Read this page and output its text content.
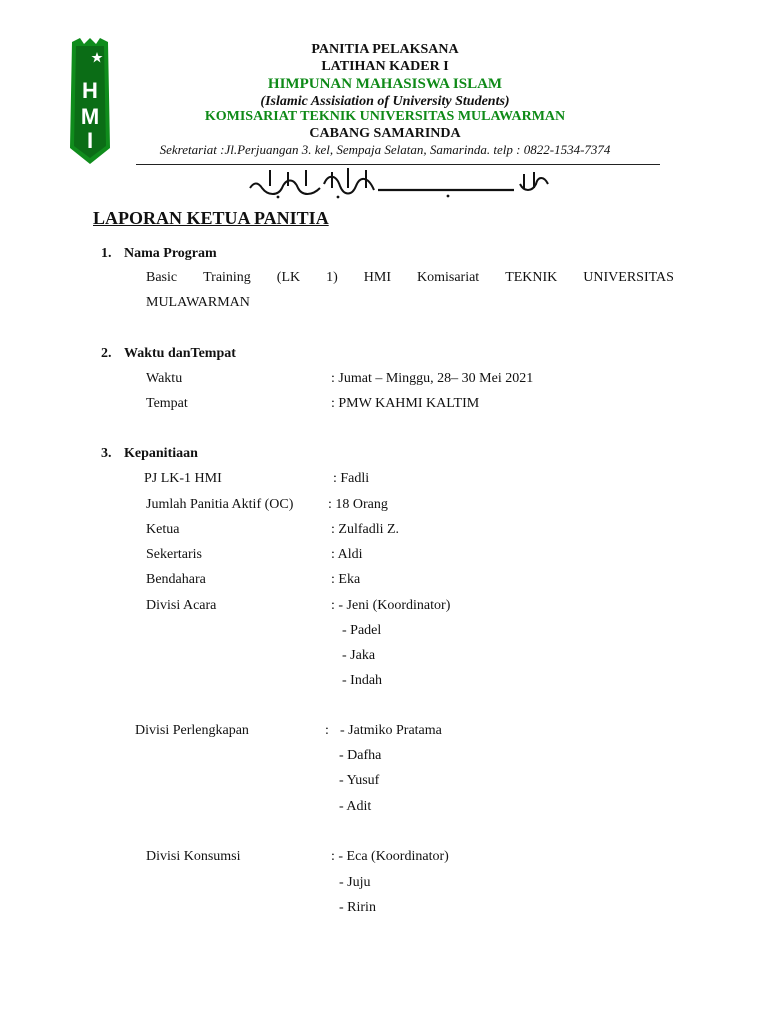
H
M
I
PANITIA PELAKSANA
LATIHAN KADER I
HIMPUNAN MAHASISWA ISLAM
(Islamic Assisiation of University Students)
KOMISARIAT TEKNIK UNIVERSITAS MULAWARMAN
CABANG SAMARINDA
Sekretariat :Jl.Perjuangan 3. kel, Sempaja Selatan, Samarinda. telp : 0822-1534-7374
LAPORAN KETUA PANITIA
1. Nama Program
Basic Training (LK 1) HMI Komisariat TEKNIK UNIVERSITAS
MULAWARMAN
2. Waktu danTempat
Waktu	: Jumat – Minggu, 28– 30 Mei 2021
Tempat	: PMW KAHMI KALTIM
3. Kepanitiaan
PJ LK-1 HMI	: Fadli
Jumlah Panitia Aktif (OC) : 18 Orang
Ketua	: Zulfadli Z.
Sekertaris	: Aldi
Bendahara	: Eka
Divisi Acara	: - Jeni (Koordinator)
- Padel
- Jaka
- Indah
Divisi Perlengkapan	: - Jatmiko Pratama
- Dafha
- Yusuf
- Adit
Divisi Konsumsi	: - Eca (Koordinator)
- Juju
- Ririn
